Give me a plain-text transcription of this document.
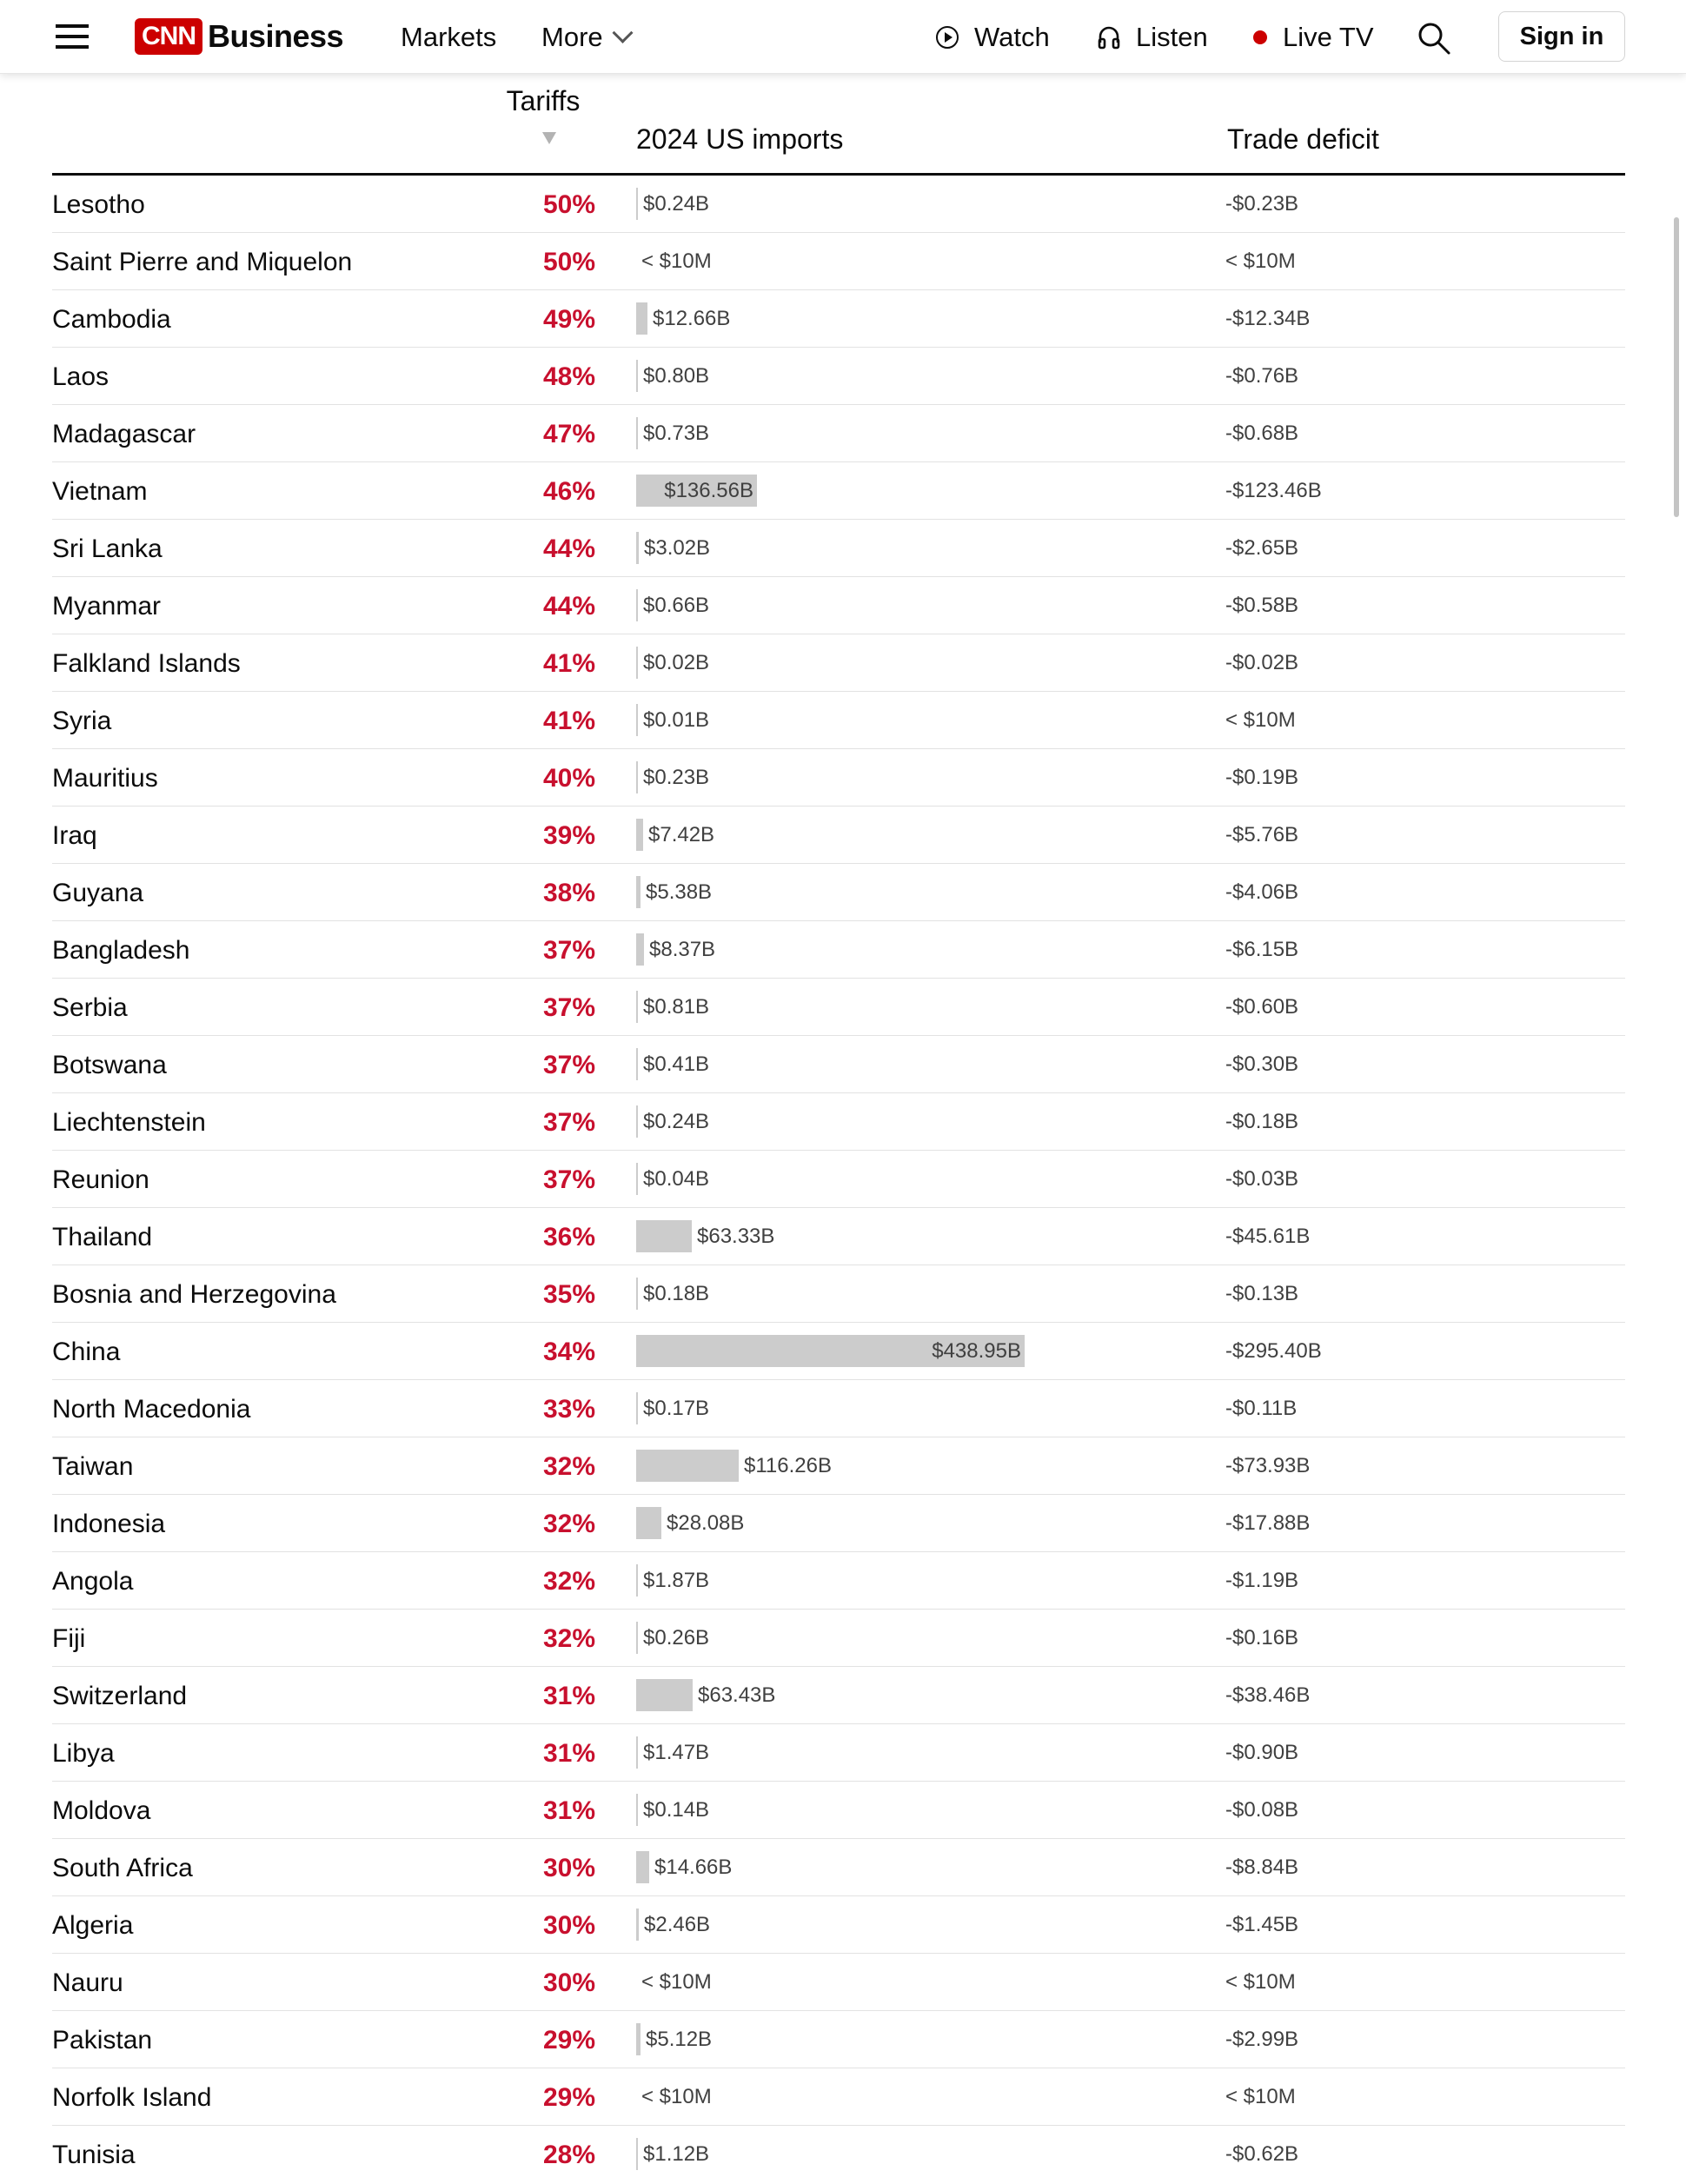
CNN Business Markets More	Watch	Listen	Live TV	Sign in
Tariffs
2024 US imports	Trade deficit
Lesotho	50%	$0.24B	-$0.23B
Saint Pierre and Miquelon	50%	< $10M	< $10M
Cambodia	49%	$12.66B	-$12.34B
Laos	48%	$0.80B	-$0.76B
Madagascar	47%	$0.73B	-$0.68B
Vietnam	46%	$136.56B	-$123.46B
Sri Lanka	44%	$3.02B	-$2.65B
Myanmar	44%	$0.66B	-$0.58B
Falkland Islands	41%	$0.02B	-$0.02B
Syria	41%	$0.01B	< $10M
Mauritius	40%	$0.23B	-$0.19B
Iraq	39%	$7.42B	-$5.76B
Guyana	38%	$5.38B	-$4.06B
Bangladesh	37%	$8.37B	-$6.15B
Serbia	37%	$0.81B	-$0.60B
Botswana	37%	$0.41B	-$0.30B
Liechtenstein	37%	$0.24B	-$0.18B
Reunion	37%	$0.04B	-$0.03B
Thailand	36%	$63.33B	-$45.61B
Bosnia and Herzegovina	35%	$0.18B	-$0.13B
China	34%	$438.95B	-$295.40B
North Macedonia	33%	$0.17B	-$0.11B
Taiwan	32%	$116.26B	-$73.93B
Indonesia	32%	$28.08B	-$17.88B
Angola	32%	$1.87B	-$1.19B
Fiji	32%	$0.26B	-$0.16B
Switzerland	31%	$63.43B	-$38.46B
Libya	31%	$1.47B	-$0.90B
Moldova	31%	$0.14B	-$0.08B
South Africa	30%	$14.66B	-$8.84B
Algeria	30%	$2.46B	-$1.45B
Nauru	30%	< $10M	< $10M
Pakistan	29%	$5.12B	-$2.99B
Norfolk Island	29%	< $10M	< $10M
Tunisia	28%	$1.12B	-$0.62B
